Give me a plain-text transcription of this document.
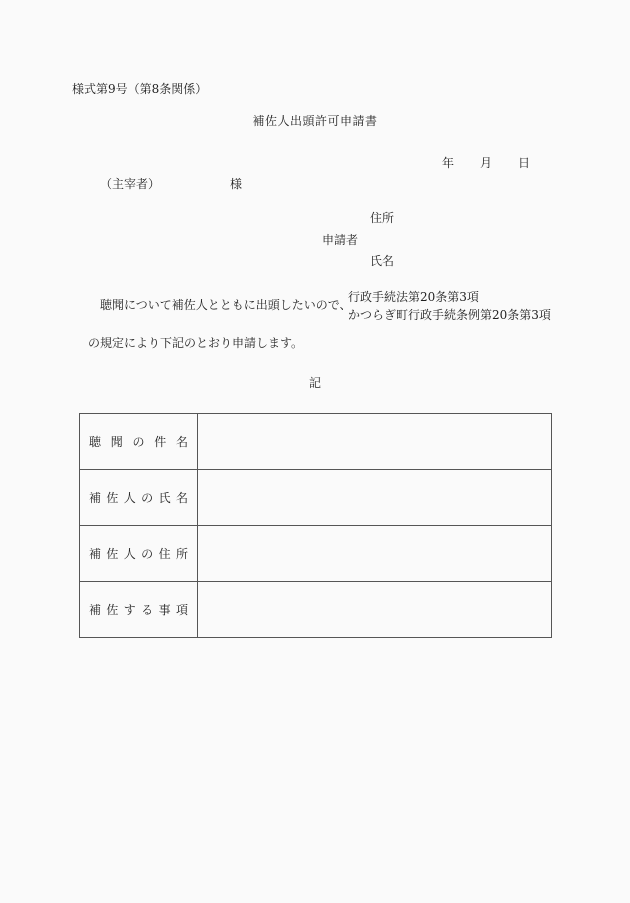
様式第9号（第8条関係）
補佐人出頭許可申請書
年 月 日
（主宰者）	様
申請者
住所
氏名
聴聞について補佐人とともに出頭したいので、
行政手続法第20条第3項
かつらぎ町行政手続条例第20条第3項
の規定により下記のとおり申請します。
記
聴 聞 の 件 名
補 佐 人 の 氏 名
補 佐 人 の 住 所
補 佐 す る 事 項
